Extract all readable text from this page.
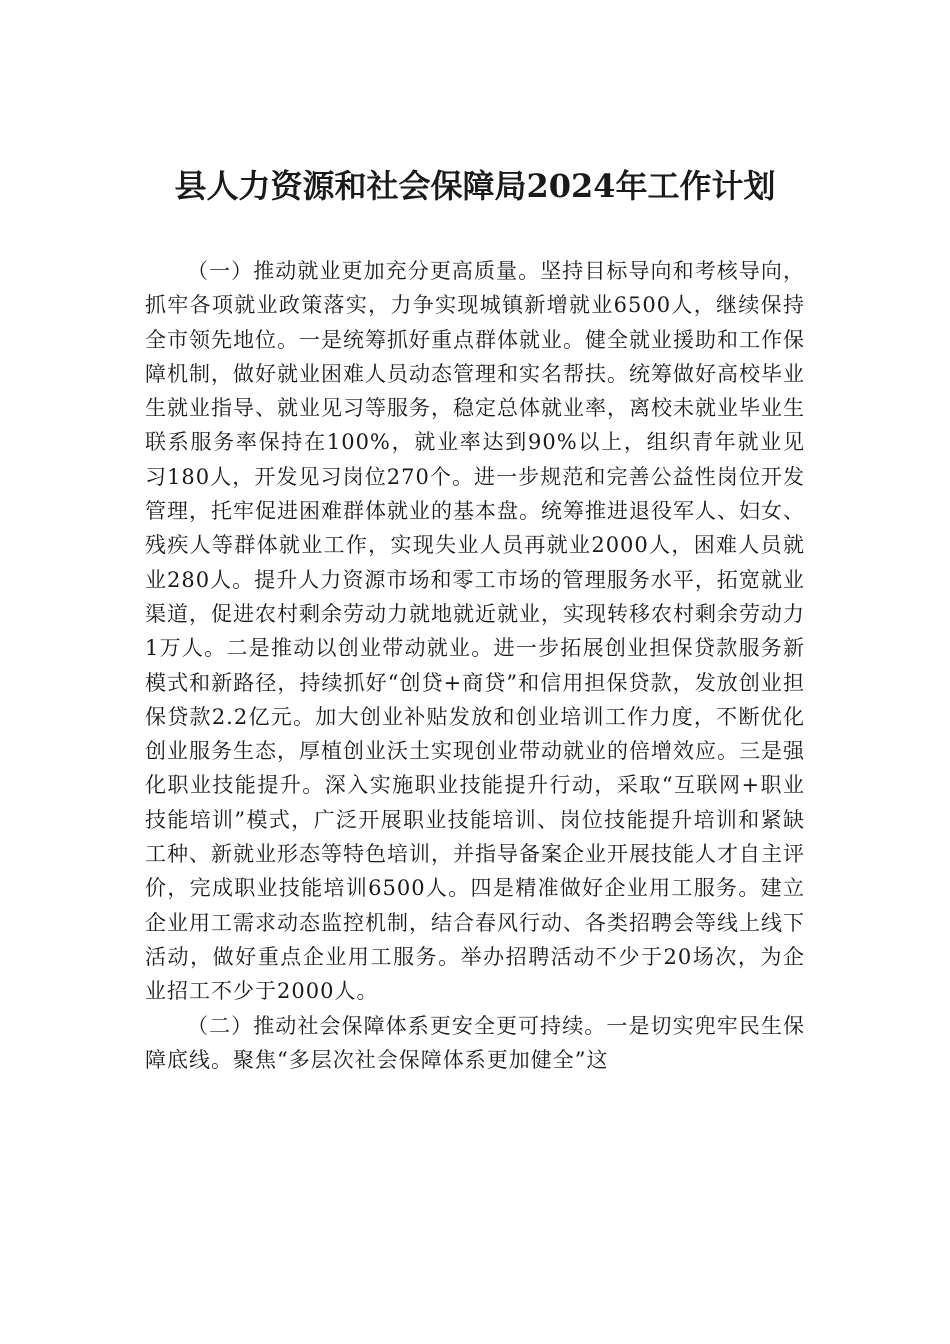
县人力资源和社会保障局2024年工作计划

（一）推动就业更加充分更高质量。坚持目标导向和考核导向，抓牢各项就业政策落实，力争实现城镇新增就业6500人，继续保持全市领先地位。一是统筹抓好重点群体就业。健全就业援助和工作保障机制，做好就业困难人员动态管理和实名帮扶。统筹做好高校毕业生就业指导、就业见习等服务，稳定总体就业率，离校未就业毕业生联系服务率保持在100%，就业率达到90%以上，组织青年就业见习180人，开发见习岗位270个。进一步规范和完善公益性岗位开发管理，托牢促进困难群体就业的基本盘。统筹推进退役军人、妇女、残疾人等群体就业工作，实现失业人员再就业2000人，困难人员就业280人。提升人力资源市场和零工市场的管理服务水平，拓宽就业渠道，促进农村剩余劳动力就地就近就业，实现转移农村剩余劳动力1万人。二是推动以创业带动就业。进一步拓展创业担保贷款服务新模式和新路径，持续抓好“创贷+商贷”和信用担保贷款，发放创业担保贷款2.2亿元。加大创业补贴发放和创业培训工作力度，不断优化创业服务生态，厚植创业沃土实现创业带动就业的倍增效应。三是强化职业技能提升。深入实施职业技能提升行动，采取“互联网+职业技能培训”模式，广泛开展职业技能培训、岗位技能提升培训和紧缺工种、新就业形态等特色培训，并指导备案企业开展技能人才自主评价，完成职业技能培训6500人。四是精准做好企业用工服务。建立企业用工需求动态监控机制，结合春风行动、各类招聘会等线上线下活动，做好重点企业用工服务。举办招聘活动不少于20场次，为企业招工不少于2000人。

（二）推动社会保障体系更安全更可持续。一是切实兜牢民生保障底线。聚焦“多层次社会保障体系更加健全”这
